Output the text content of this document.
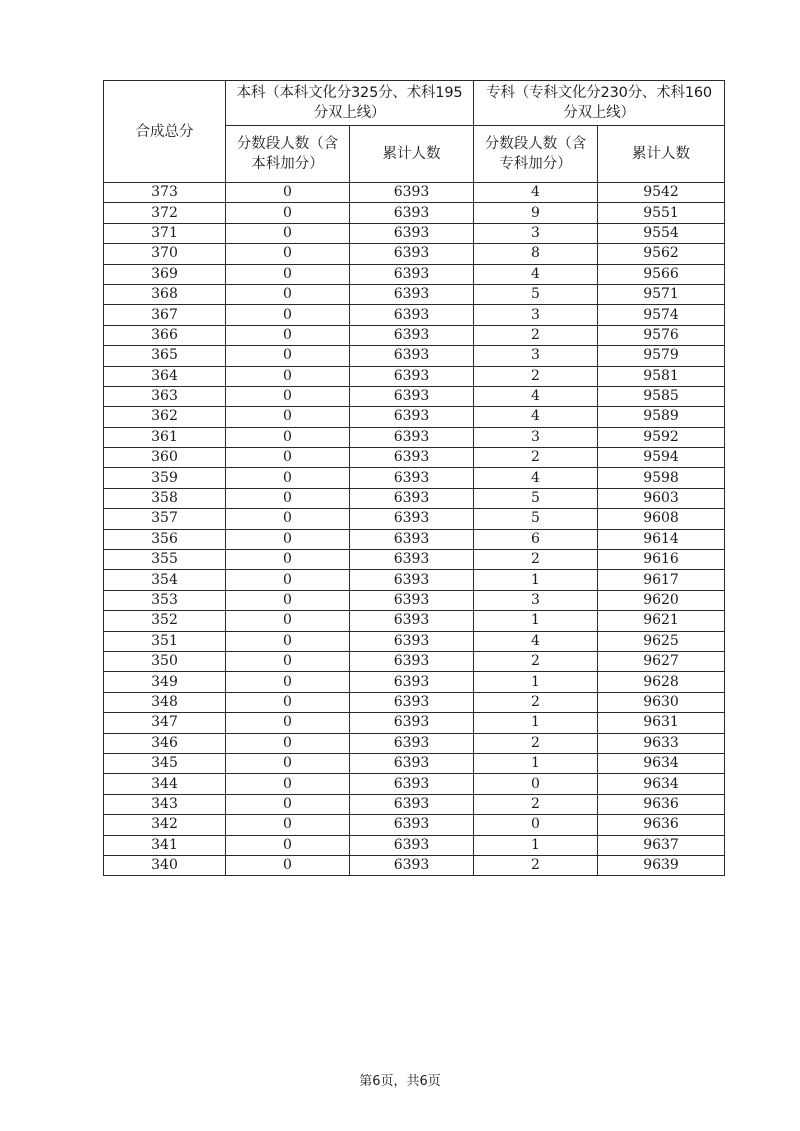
合成总分	本科（本科文化分325分、术科195
分双上线）		专科（专科文化分230分、术科160
分双上线）	

	分数段人数（含
本科加分）	累计人数	分数段人数（含
专科加分）	累计人数
373	0	6393	4	9542
372	0	6393	9	9551
371	0	6393	3	9554
370	0	6393	8	9562
369	0	6393	4	9566
368	0	6393	5	9571
367	0	6393	3	9574
366	0	6393	2	9576
365	0	6393	3	9579
364	0	6393	2	9581
363	0	6393	4	9585
362	0	6393	4	9589
361	0	6393	3	9592
360	0	6393	2	9594
359	0	6393	4	9598
358	0	6393	5	9603
357	0	6393	5	9608
356	0	6393	6	9614
355	0	6393	2	9616
354	0	6393	1	9617
353	0	6393	3	9620
352	0	6393	1	9621
351	0	6393	4	9625
350	0	6393	2	9627
349	0	6393	1	9628
348	0	6393	2	9630
347	0	6393	1	9631
346	0	6393	2	9633
345	0	6393	1	9634
344	0	6393	0	9634
343	0	6393	2	9636
342	0	6393	0	9636
341	0	6393	1	9637
340	0	6393	2	9639
第6页，共6页
